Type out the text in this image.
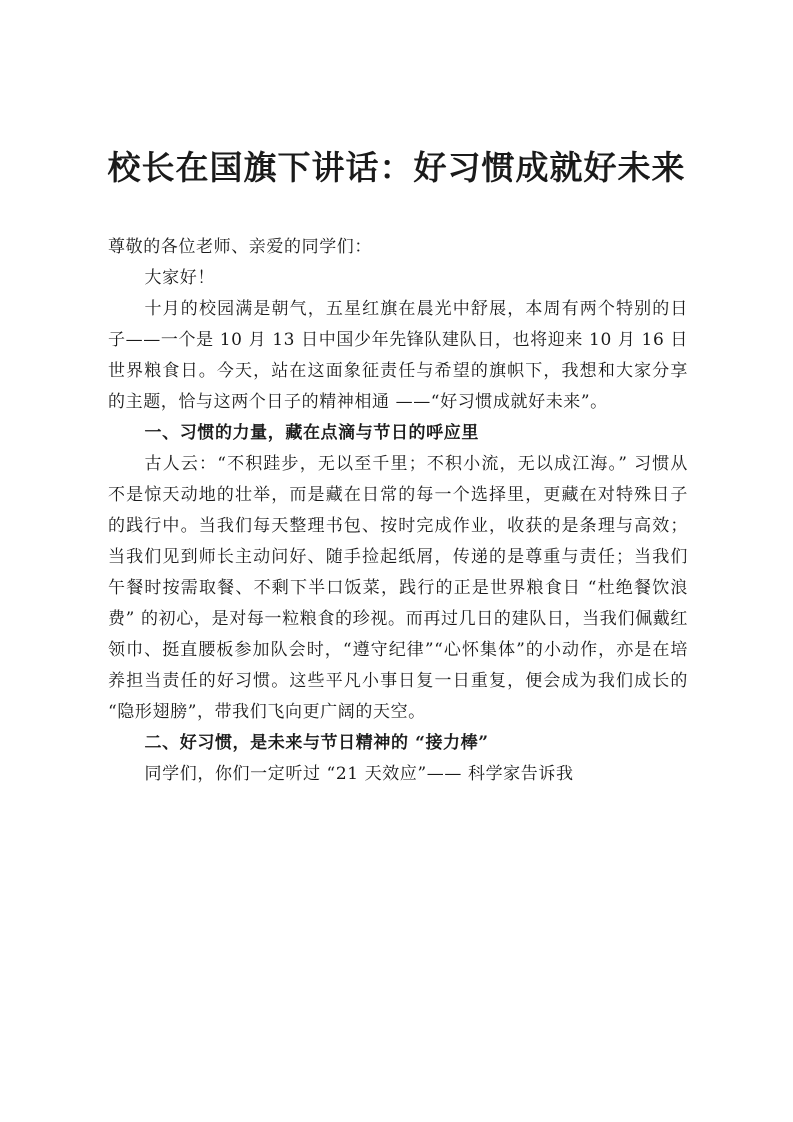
校长在国旗下讲话：好习惯成就好未来

尊敬的各位老师、亲爱的同学们：

大家好！

十月的校园满是朝气，五星红旗在晨光中舒展，本周有两个特别的日子——一个是 10 月 13 日中国少年先锋队建队日，也将迎来 10 月 16 日世界粮食日。今天，站在这面象征责任与希望的旗帜下，我想和大家分享的主题，恰与这两个日子的精神相通 ——“好习惯成就好未来”。

一、习惯的力量，藏在点滴与节日的呼应里

古人云：“不积跬步，无以至千里；不积小流，无以成江海。” 习惯从不是惊天动地的壮举，而是藏在日常的每一个选择里，更藏在对特殊日子的践行中。当我们每天整理书包、按时完成作业，收获的是条理与高效；当我们见到师长主动问好、随手捡起纸屑，传递的是尊重与责任；当我们午餐时按需取餐、不剩下半口饭菜，践行的正是世界粮食日 “杜绝餐饮浪费” 的初心，是对每一粒粮食的珍视。而再过几日的建队日，当我们佩戴红领巾、挺直腰板参加队会时，“遵守纪律”“心怀集体”的小动作，亦是在培养担当责任的好习惯。这些平凡小事日复一日重复，便会成为我们成长的 “隐形翅膀”，带我们飞向更广阔的天空。

二、好习惯，是未来与节日精神的 “接力棒”

同学们，你们一定听过 “21 天效应”—— 科学家告诉我
